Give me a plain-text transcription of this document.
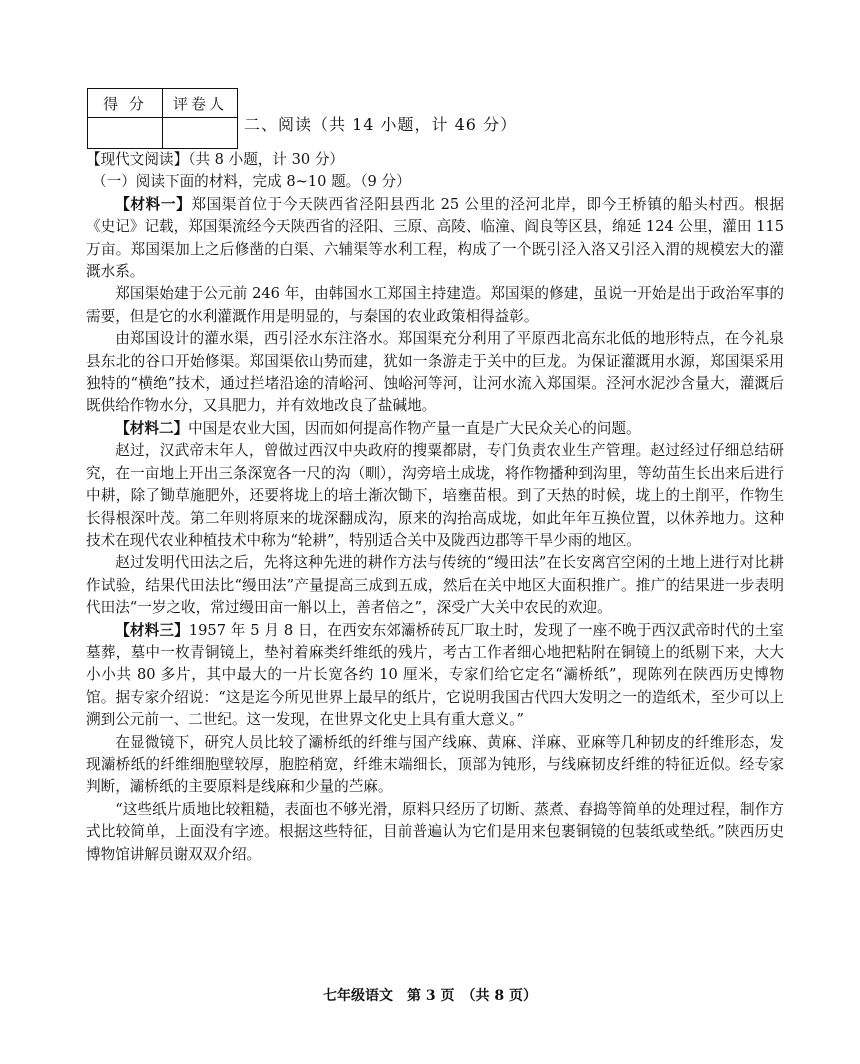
得 分	评卷人

二、阅读（共 14 小题，计 46 分）

【现代文阅读】（共 8 小题，计 30 分）

（一）阅读下面的材料，完成 8~10 题。（9 分）

【材料一】郑国渠首位于今天陕西省泾阳县西北 25 公里的泾河北岸，即今王桥镇的船头村西。根据《史记》记载，郑国渠流经今天陕西省的泾阳、三原、高陵、临潼、阎良等区县，绵延 124 公里，灌田 115 万亩。郑国渠加上之后修凿的白渠、六辅渠等水利工程，构成了一个既引泾入洛又引泾入渭的规模宏大的灌溉水系。

郑国渠始建于公元前 246 年，由韩国水工郑国主持建造。郑国渠的修建，虽说一开始是出于政治军事的需要，但是它的水利灌溉作用是明显的，与秦国的农业政策相得益彰。

由郑国设计的灌水渠，西引泾水东注洛水。郑国渠充分利用了平原西北高东北低的地形特点，在今礼泉县东北的谷口开始修渠。郑国渠依山势而建，犹如一条游走于关中的巨龙。为保证灌溉用水源，郑国渠采用独特的“横绝”技术，通过拦堵沿途的清峪河、蚀峪河等河，让河水流入郑国渠。泾河水泥沙含量大，灌溉后既供给作物水分，又具肥力，并有效地改良了盐碱地。

【材料二】中国是农业大国，因而如何提高作物产量一直是广大民众关心的问题。

赵过，汉武帝末年人，曾做过西汉中央政府的搜粟都尉，专门负责农业生产管理。赵过经过仔细总结研究，在一亩地上开出三条深宽各一尺的沟（甽），沟旁培土成垅，将作物播种到沟里，等幼苗生长出来后进行中耕，除了锄草施肥外，还要将垅上的培土渐次锄下，培壅苗根。到了天热的时候，垅上的土削平，作物生长得根深叶茂。第二年则将原来的垅深翻成沟，原来的沟抬高成垅，如此年年互换位置，以休养地力。这种技术在现代农业种植技术中称为“轮耕”，特别适合关中及陇西边郡等干旱少雨的地区。

赵过发明代田法之后，先将这种先进的耕作方法与传统的“缦田法”在长安离宫空闲的土地上进行对比耕作试验，结果代田法比“缦田法”产量提高三成到五成，然后在关中地区大面积推广。推广的结果进一步表明代田法“一岁之收，常过缦田亩一斛以上，善者倍之”，深受广大关中农民的欢迎。

【材料三】1957 年 5 月 8 日，在西安东郊灞桥砖瓦厂取土时，发现了一座不晚于西汉武帝时代的土室墓葬，墓中一枚青铜镜上，垫衬着麻类纤维纸的残片，考古工作者细心地把粘附在铜镜上的纸剔下来，大大小小共 80 多片，其中最大的一片长宽各约 10 厘米，专家们给它定名“灞桥纸”，现陈列在陕西历史博物馆。据专家介绍说：“这是迄今所见世界上最早的纸片，它说明我国古代四大发明之一的造纸术，至少可以上溯到公元前一、二世纪。这一发现，在世界文化史上具有重大意义。”

在显微镜下，研究人员比较了灞桥纸的纤维与国产线麻、黄麻、洋麻、亚麻等几种韧皮的纤维形态，发现灞桥纸的纤维细胞壁较厚，胞腔稍宽，纤维末端细长，顶部为钝形，与线麻韧皮纤维的特征近似。经专家判断，灞桥纸的主要原料是线麻和少量的苎麻。

“这些纸片质地比较粗糙，表面也不够光滑，原料只经历了切断、蒸煮、舂捣等简单的处理过程，制作方式比较简单，上面没有字迹。根据这些特征，目前普遍认为它们是用来包裹铜镜的包装纸或垫纸。”陕西历史博物馆讲解员谢双双介绍。

七年级语文　第 3 页　（共 8 页）
